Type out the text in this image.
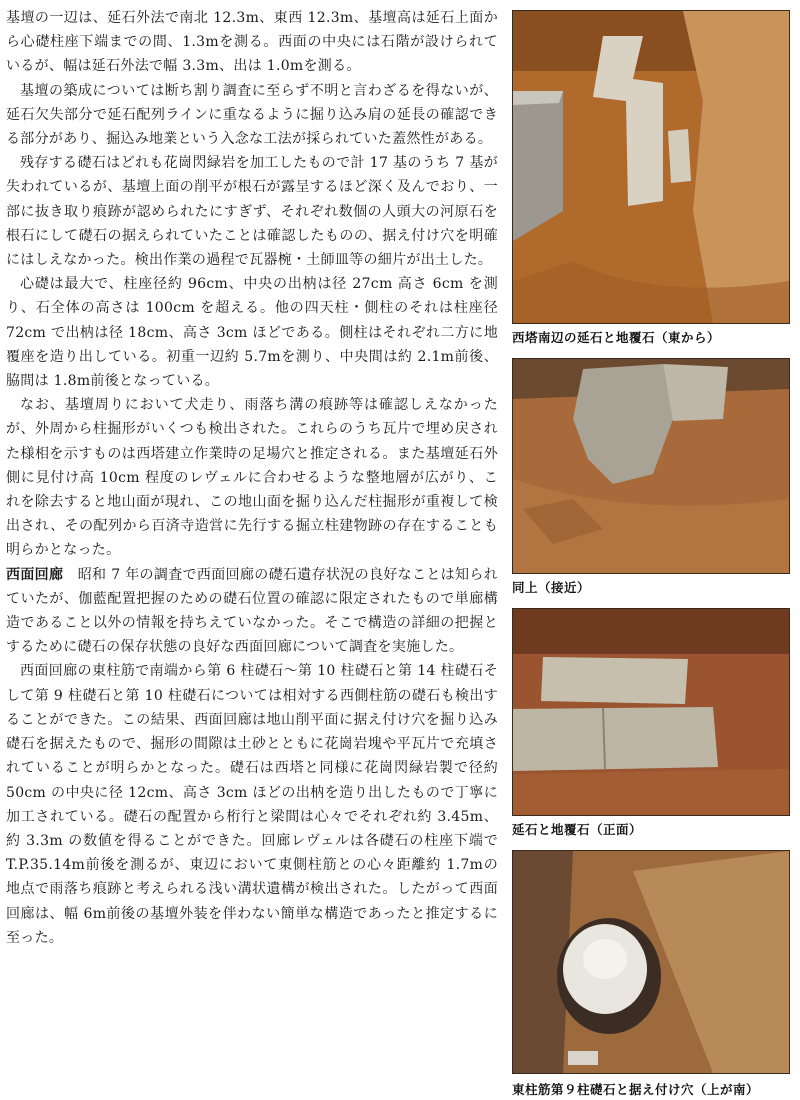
基壇の一辺は、延石外法で南北 12.3m、東西 12.3m、基壇高は延石上面から心礎柱座下端までの間、1.3mを測る。西面の中央には石階が設けられているが、幅は延石外法で幅 3.3m、出は 1.0mを測る。

基壇の築成については断ち割り調査に至らず不明と言わざるを得ないが、延石欠失部分で延石配列ラインに重なるように掘り込み肩の延長の確認できる部分があり、掘込み地業という入念な工法が採られていた蓋然性がある。

残存する礎石はどれも花崗閃緑岩を加工したもので計 17 基のうち 7 基が失われているが、基壇上面の削平が根石が露呈するほど深く及んでおり、一部に抜き取り痕跡が認められたにすぎず、それぞれ数個の人頭大の河原石を根石にして礎石の据えられていたことは確認したものの、据え付け穴を明確にはしえなかった。検出作業の過程で瓦器椀・土師皿等の細片が出土した。

心礎は最大で、柱座径約 96cm、中央の出枘は径 27cm 高さ 6cm を測り、石全体の高さは 100cm を超える。他の四天柱・側柱のそれは柱座径 72cm で出枘は径 18cm、高さ 3cm ほどである。側柱はそれぞれ二方に地覆座を造り出している。初重一辺約 5.7mを測り、中央間は約 2.1m前後、脇間は 1.8m前後となっている。

なお、基壇周りにおいて犬走り、雨落ち溝の痕跡等は確認しえなかったが、外周から柱掘形がいくつも検出された。これらのうち瓦片で埋め戻された様相を示すものは西塔建立作業時の足場穴と推定される。また基壇延石外側に見付け高 10cm 程度のレヴェルに合わせるような整地層が広がり、これを除去すると地山面が現れ、この地山面を掘り込んだ柱掘形が重複して検出され、その配列から百済寺造営に先行する掘立柱建物跡の存在することも明らかとなった。

西面回廊　 昭和 7 年の調査で西面回廊の礎石遺存状況の良好なことは知られていたが、伽藍配置把握のための礎石位置の確認に限定されたもので単廊構造であること以外の情報を持ちえていなかった。そこで構造の詳細の把握とするために礎石の保存状態の良好な西面回廊について調査を実施した。

西面回廊の東柱筋で南端から第 6 柱礎石～第 10 柱礎石と第 14 柱礎石そして第 9 柱礎石と第 10 柱礎石については相対する西側柱筋の礎石も検出することができた。この結果、西面回廊は地山削平面に据え付け穴を掘り込み礎石を据えたもので、掘形の間隙は土砂とともに花崗岩塊や平瓦片で充填されていることが明らかとなった。礎石は西塔と同様に花崗閃緑岩製で径約 50cm の中央に径 12cm、高さ 3cm ほどの出枘を造り出したもので丁寧に加工されている。礎石の配置から桁行と梁間は心々でそれぞれ約 3.45m、約 3.3m の数値を得ることができた。回廊レヴェルは各礎石の柱座下端で T.P.35.14m前後を測るが、東辺において東側柱筋との心々距離約 1.7mの地点で雨落ち痕跡と考えられる浅い溝状遺構が検出された。したがって西面回廊は、幅 6m前後の基壇外装を伴わない簡単な構造であったと推定するに至った。

西塔南辺の延石と地覆石（東から）
同上（接近）
延石と地覆石（正面）
東柱筋第９柱礎石と据え付け穴（上が南）
